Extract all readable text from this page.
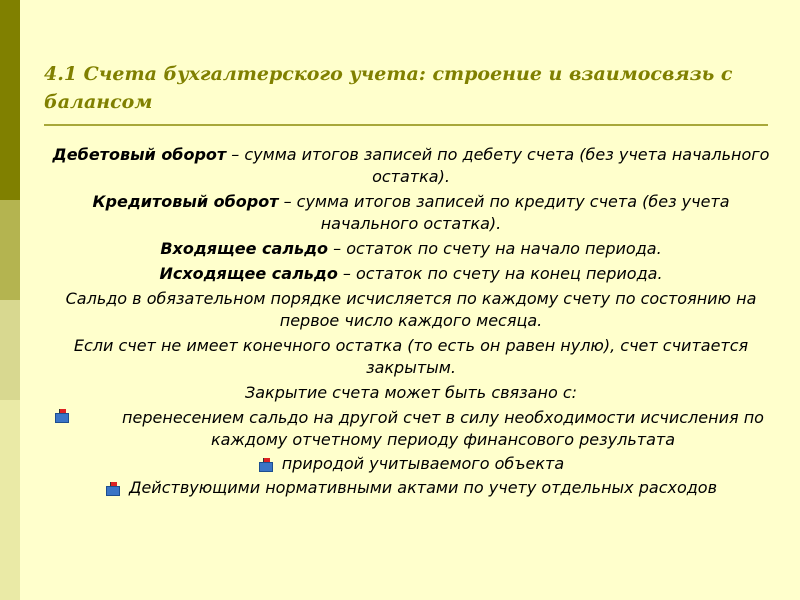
4.1 Счета бухгалтерского учета: строение и взаимосвязь с балансом

Дебетовый оборот – сумма итогов записей по дебету счета (без учета начального остатка).

Кредитовый оборот – сумма итогов записей по кредиту счета (без учета начального остатка).

Входящее сальдо – остаток по счету на начало периода.

Исходящее сальдо – остаток по счету на конец периода.

Сальдо в обязательном порядке исчисляется по каждому счету по состоянию на первое число каждого месяца.

Если счет не имеет конечного остатка (то есть он равен нулю), счет считается закрытым.

Закрытие счета может быть связано с:

перенесением сальдо на другой счет в силу необходимости исчисления по каждому отчетному периоду финансового результата
природой учитываемого объекта
Действующими нормативными актами по учету отдельных расходов
